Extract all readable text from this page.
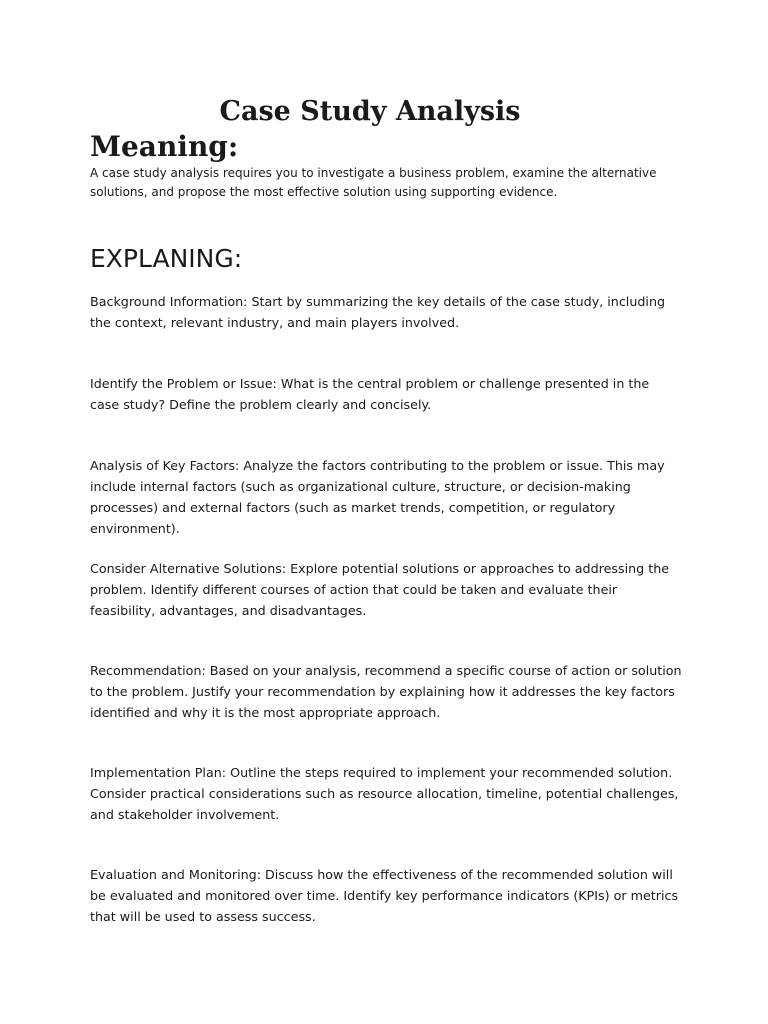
Case Study Analysis
Meaning:

A case study analysis requires you to investigate a business problem, examine the alternative solutions, and propose the most effective solution using supporting evidence.

EXPLANING:

Background Information: Start by summarizing the key details of the case study, including the context, relevant industry, and main players involved.

Identify the Problem or Issue: What is the central problem or challenge presented in the case study? Define the problem clearly and concisely.

Analysis of Key Factors: Analyze the factors contributing to the problem or issue. This may include internal factors (such as organizational culture, structure, or decision-making processes) and external factors (such as market trends, competition, or regulatory environment).

Consider Alternative Solutions: Explore potential solutions or approaches to addressing the problem. Identify different courses of action that could be taken and evaluate their feasibility, advantages, and disadvantages.

Recommendation: Based on your analysis, recommend a specific course of action or solution to the problem. Justify your recommendation by explaining how it addresses the key factors identified and why it is the most appropriate approach.

Implementation Plan: Outline the steps required to implement your recommended solution. Consider practical considerations such as resource allocation, timeline, potential challenges, and stakeholder involvement.

Evaluation and Monitoring: Discuss how the effectiveness of the recommended solution will be evaluated and monitored over time. Identify key performance indicators (KPIs) or metrics that will be used to assess success.
